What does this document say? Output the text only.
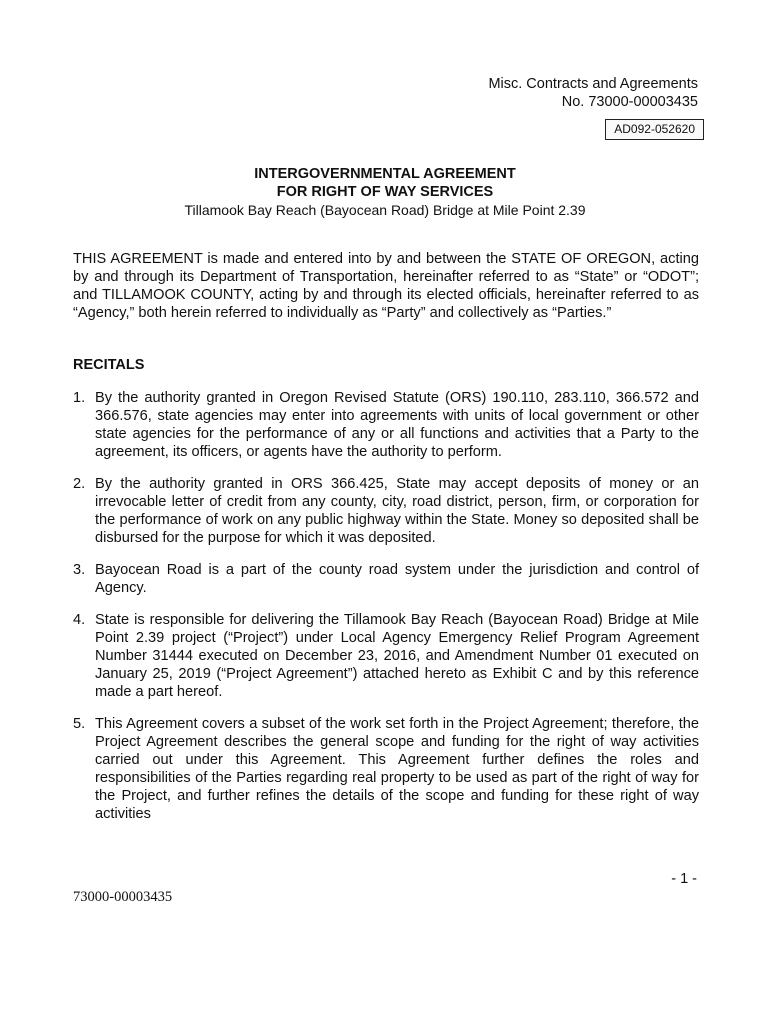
Misc. Contracts and Agreements
No. 73000-00003435
AD092-052620
INTERGOVERNMENTAL AGREEMENT
FOR RIGHT OF WAY SERVICES
Tillamook Bay Reach (Bayocean Road) Bridge at Mile Point 2.39
THIS AGREEMENT is made and entered into by and between the STATE OF OREGON, acting by and through its Department of Transportation, hereinafter referred to as “State” or “ODOT”; and TILLAMOOK COUNTY, acting by and through its elected officials, hereinafter referred to as “Agency,” both herein referred to individually as “Party” and collectively as “Parties.”
RECITALS
1. By the authority granted in Oregon Revised Statute (ORS) 190.110, 283.110, 366.572 and 366.576, state agencies may enter into agreements with units of local government or other state agencies for the performance of any or all functions and activities that a Party to the agreement, its officers, or agents have the authority to perform.
2. By the authority granted in ORS 366.425, State may accept deposits of money or an irrevocable letter of credit from any county, city, road district, person, firm, or corporation for the performance of work on any public highway within the State. Money so deposited shall be disbursed for the purpose for which it was deposited.
3. Bayocean Road is a part of the county road system under the jurisdiction and control of Agency.
4. State is responsible for delivering the Tillamook Bay Reach (Bayocean Road) Bridge at Mile Point 2.39 project (“Project”) under Local Agency Emergency Relief Program Agreement Number 31444 executed on December 23, 2016, and Amendment Number 01 executed on January 25, 2019 (“Project Agreement”) attached hereto as Exhibit C and by this reference made a part hereof.
5. This Agreement covers a subset of the work set forth in the Project Agreement; therefore, the Project Agreement describes the general scope and funding for the right of way activities carried out under this Agreement. This Agreement further defines the roles and responsibilities of the Parties regarding real property to be used as part of the right of way for the Project, and further refines the details of the scope and funding for these right of way activities
- 1 -
73000-00003435
